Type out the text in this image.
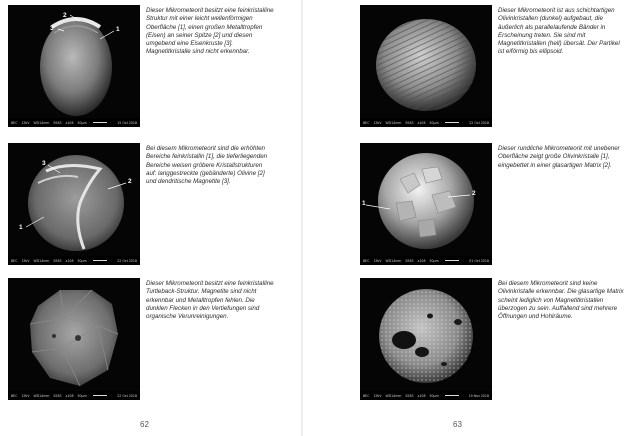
2
3	1
BEC 15kV WD14mm SS63 x108 50μm	15 Oct 2018
Dieser Mikrometeorit besitzt eine feinkristalline Struktur mit einer leicht wellenförmigen Oberfläche [1], einen großen Metalltropfen (Eisen) an seiner Spitze [2] und diesen umgebend eine Eisenkruste [3]. Magnetitkristalle sind nicht erkennbar.
3
2
1
BEC 15kV WD14mm SS63 x108 50μm	22 Oct 2018
Bei diesem Mikrometeorit sind die erhöhten Bereiche feinkristallin [1], die tieferliegenden Bereiche weisen gröbere Kristallstrukturen auf: langgestreckte (gebänderte) Olivine [2] und dendritische Magnetite [3].
BEC 15kV WD14mm SS63 x108 50μm	22 Oct 2018
Dieser Mikrometeorit besitzt eine feinkristalline Turtleback-Struktur. Magnetite sind nicht erkennbar und Metalltropfen fehlen. Die dunklen Flecken in den Vertiefungen sind organische Verunreinigungen.
62
BEC 15kV WD14mm SS63 x108 50μm	22 Oct 2018
Dieser Mikrometeorit ist aus schichtartigen Olivinkristallen (dunkel) aufgebaut, die äußerlich als parallelaufende Bänder in Erscheinung treten. Sie sind mit Magnetitkristallen (hell) übersät. Der Partikel ist eiförmig bis ellipsoid.
1
2
BEC 15kV WD14mm SS63 x108 50μm	01 Oct 2018
Dieser rundliche Mikrometeorit mit unebener Oberfläche zeigt große Olivinkristalle [1], eingebettet in einer glasartigen Matrix [2].
BEC 15kV WD14mm SS63 x108 50μm	19 Nov 2018
Bei diesem Mikrometeorit sind keine Olivinkristalle erkennbar. Die glasartige Matrix scheint lediglich von Magnetitkristallen überzogen zu sein. Auffallend sind mehrere Öffnungen und Hohlräume.
63
